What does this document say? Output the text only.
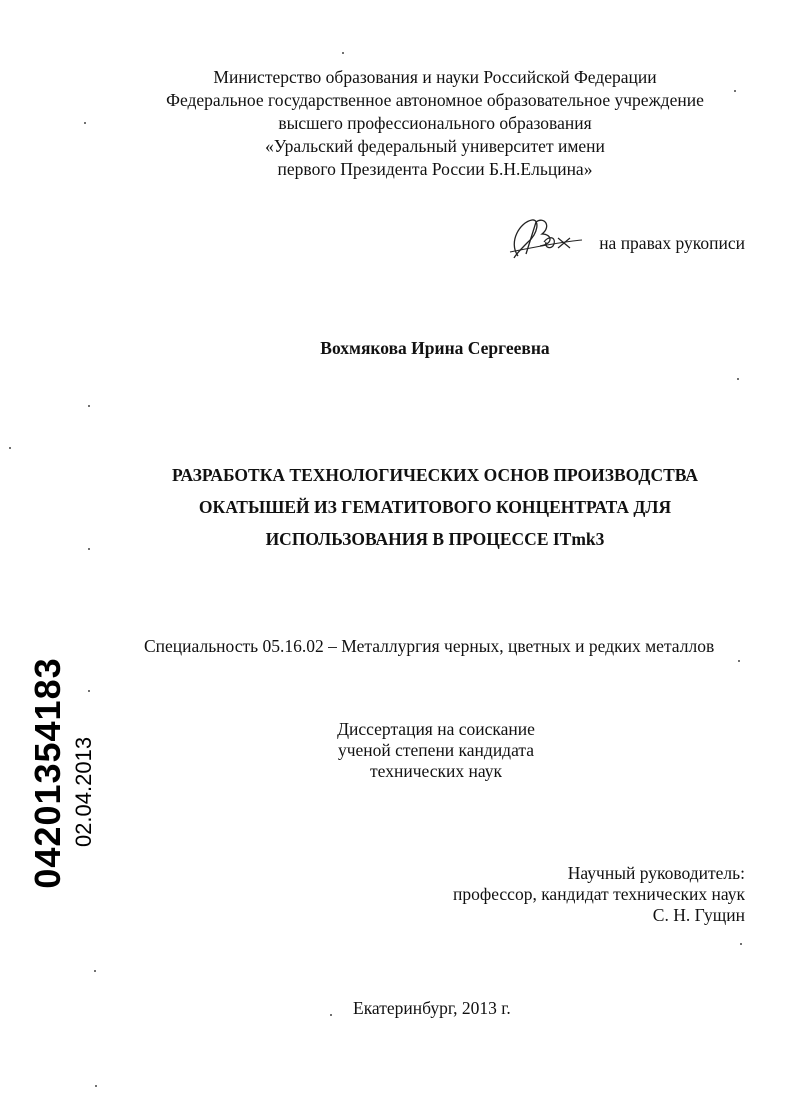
Министерство образования и науки Российской Федерации
Федеральное государственное автономное образовательное учреждение
высшего профессионального образования
«Уральский федеральный университет имени
первого Президента России Б.Н.Ельцина»
на правах рукописи
Вохмякова Ирина Сергеевна
РАЗРАБОТКА ТЕХНОЛОГИЧЕСКИХ ОСНОВ ПРОИЗВОДСТВА
ОКАТЫШЕЙ ИЗ ГЕМАТИТОВОГО КОНЦЕНТРАТА ДЛЯ
ИСПОЛЬЗОВАНИЯ В ПРОЦЕССЕ ITmk3
Специальность 05.16.02 – Металлургия черных, цветных и редких металлов
Диссертация на соискание
ученой степени кандидата
технических наук
Научный руководитель:
профессор, кандидат технических наук
С. Н. Гущин
Екатеринбург, 2013 г.
04201354183 02.04.2013
